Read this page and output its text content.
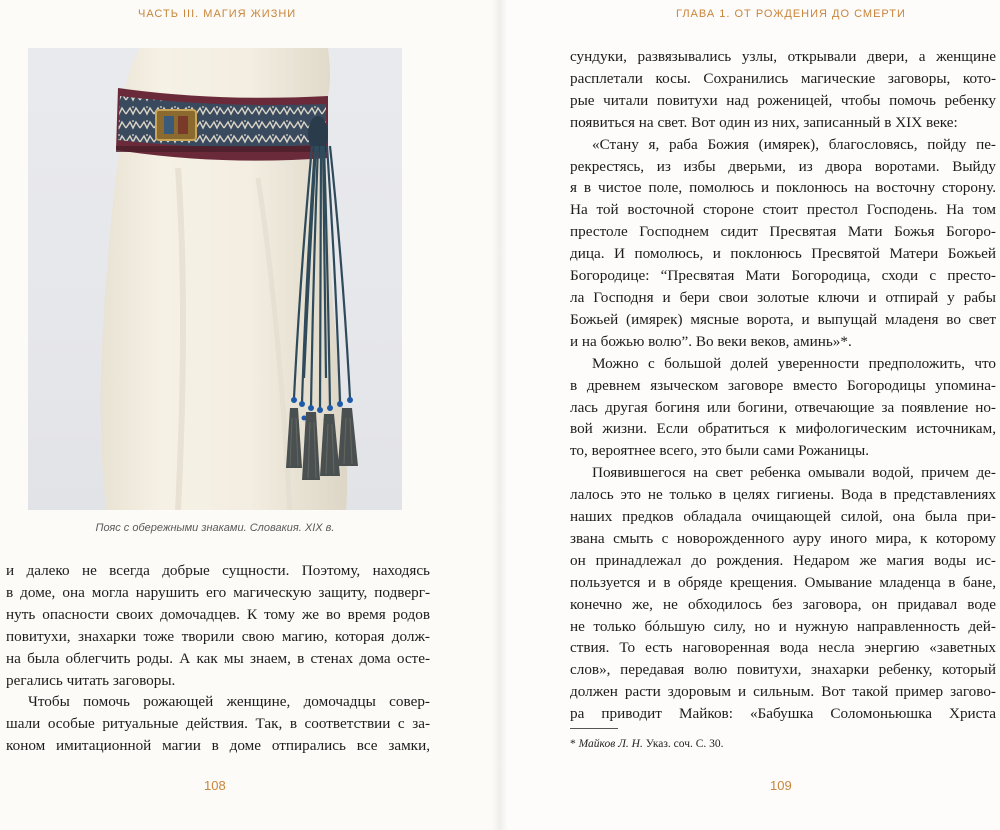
ЧАСТЬ III. МАГИЯ ЖИЗНИ
Пояс с обережными знаками. Словакия. XIX в.

и далеко не всегда добрые сущности. Поэтому, находясь
в доме, она могла нарушить его магическую защиту, подверг-
нуть опасности своих домочадцев. К тому же во время родов
повитухи, знахарки тоже творили свою магию, которая долж-
на была облегчить роды. А как мы знаем, в стенах дома осте-
регались читать заговоры.

Чтобы помочь рожающей женщине, домочадцы совер-
шали особые ритуальные действия. Так, в соответствии с за-
коном имитационной магии в доме отпирались все замки,

108
ГЛАВА 1. ОТ РОЖДЕНИЯ ДО СМЕРТИ

сундуки, развязывались узлы, открывали двери, а женщине
расплетали косы. Сохранились магические заговоры, кото-
рые читали повитухи над роженицей, чтобы помочь ребенку
появиться на свет. Вот один из них, записанный в XIX веке:

«Стану я, раба Божия (имярек), благословясь, пойду пе-
рекрестясь, из избы дверьми, из двора воротами. Выйду
я в чистое поле, помолюсь и поклонюсь на восточну сторону.
На той восточной стороне стоит престол Господень. На том
престоле Господнем сидит Пресвятая Мати Божья Богоро-
дица. И помолюсь, и поклонюсь Пресвятой Матери Божьей
Богородице: “Пресвятая Мати Богородица, сходи с престо-
ла Господня и бери свои золотые ключи и отпирай у рабы
Божьей (имярек) мясные ворота, и выпущай младеня во свет
и на божью волю”. Во веки веков, аминь»*.

Можно с большой долей уверенности предположить, что
в древнем языческом заговоре вместо Богородицы упомина-
лась другая богиня или богини, отвечающие за появление но-
вой жизни. Если обратиться к мифологическим источникам,
то, вероятнее всего, это были сами Рожаницы.

Появившегося на свет ребенка омывали водой, причем де-
лалось это не только в целях гигиены. Вода в представлениях
наших предков обладала очищающей силой, она была при-
звана смыть с новорожденного ауру иного мира, к которому
он принадлежал до рождения. Недаром же магия воды ис-
пользуется и в обряде крещения. Омывание младенца в бане,
конечно же, не обходилось без заговора, он придавал воде
не только бóльшую силу, но и нужную направленность дей-
ствия. То есть наговоренная вода несла энергию «заветных
слов», передавая волю повитухи, знахарки ребенку, который
должен расти здоровым и сильным. Вот такой пример загово-
ра приводит Майков: «Бабушка Соломоньюшка Христа

* Майков Л. Н. Указ. соч. С. 30.
109
